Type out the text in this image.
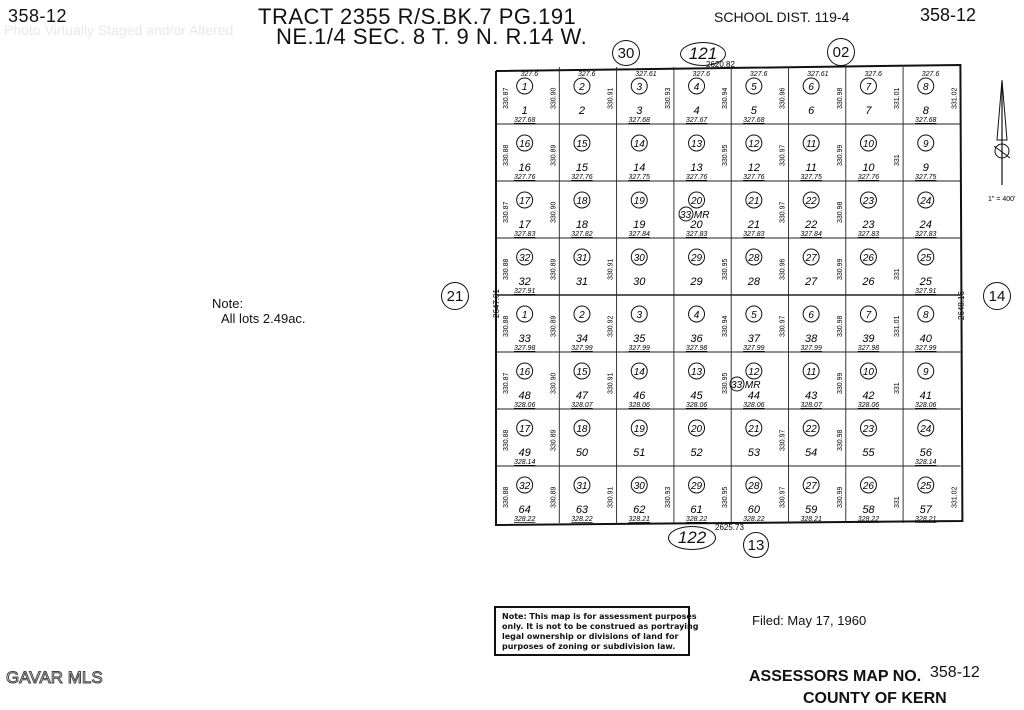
358-12	TRACT 2355 R/S.BK.7 PG.191
NE.1/4 SEC. 8 T. 9 N. R.14 W.
SCHOOL DIST. 119-4	358-12
Photo Virtually Staged and/or Altered
30	121	02
21	14
122	13
2620.82
2625.73
2647.01	2648.16
1" = 400'
327.6
1
1
327.68
327.6
2
2
327.61
3
3
327.68
327.6
4
4
327.67
327.6
5
5
327.68
327.61
6
6
327.6
7
7
327.6
8
8
327.68
330.87	330.90	330.91	330.93	330.94	330.96	330.98	331.01	331.02
16
16
327.76
15
15
327.76
14
14
327.75
13
13
327.76
12
12
327.76
11
11
327.75
10
10
327.76
9
9
327.75
330.88	330.89	330.95	330.97	330.99	331
17
17
327.83
18
18
327.82
19
19
327.84
20
20
327.83
21
21
327.83
22
22
327.84
23
23
327.83
24
24
327.83
330.87	330.90	330.97	330.98
32
32
327.91
31
31
30
30
29
29
28
28
27
27
26
26
25
25
327.91
330.88	330.89	330.91	330.95	330.96	330.99	331
1
33
327.98
2
34
327.99
3
35
327.99
4
36
327.98
5
37
327.99
6
38
327.99
7
39
327.98
8
40
327.99
330.88	330.89	330.92	330.94	330.97	330.98	331.01
16
48
328.06
15
47
328.07
14
46
328.06
13
45
328.06
12
44
328.06
11
43
328.07
10
42
328.06
9
41
328.06
330.87	330.90	330.91	330.95	330.99	331
17
49
328.14
18
50
19
51
20
52
21
53
22
54
23
55
24
56
328.14
330.88	330.89	330.97	330.98
32
64
328.22
31
63
328.22
30
62
328.21
29
61
328.22
28
60
328.22
27
59
328.21
26
58
328.22
25
57
328.21
330.88	330.89	330.91	330.93	330.95	330.97	330.99	331	331.02
33 MR
33 MR
Note:
All lots 2.49ac.
Note: This map is for assessment purposes
only. It is not to be construed as portraying
legal ownership or divisions of land for
purposes of zoning or subdivision law.
Filed: May 17, 1960
GAVAR MLS	ASSESSORS MAP NO. 358-12
COUNTY OF KERN
